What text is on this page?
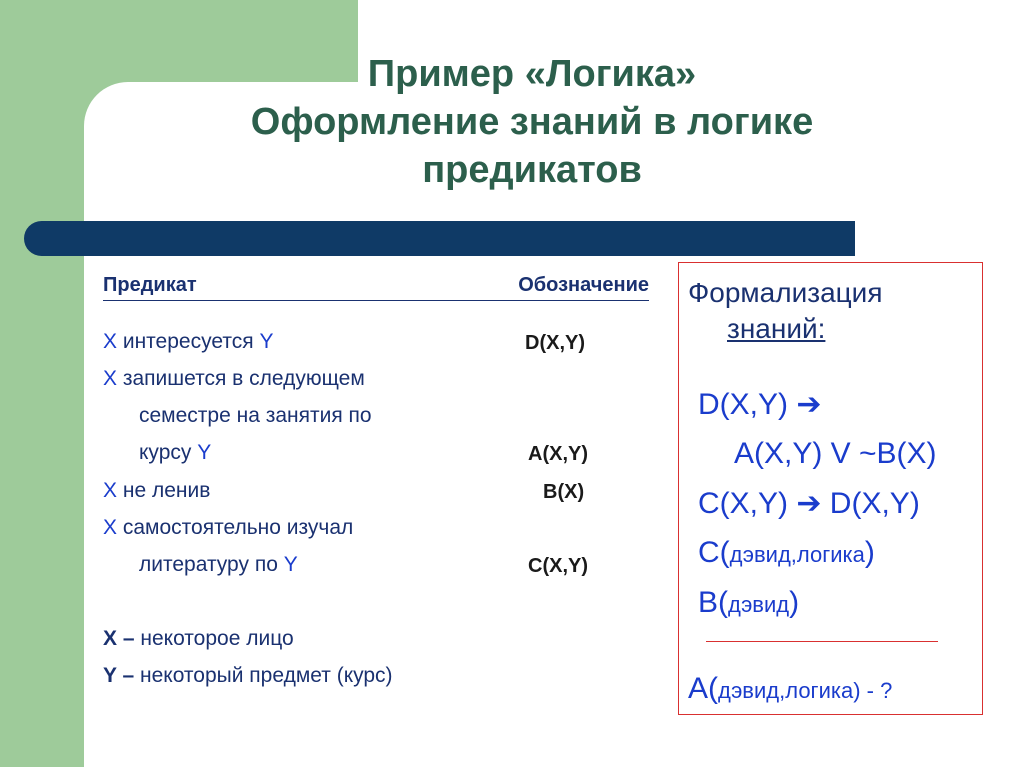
Пример «Логика»
Оформление знаний в логике
предикатов
Предикат	Обозначение
X интересуется Y
X запишется в следующем
семестре на занятия по
курсу Y
X не ленив
X самостоятельно изучал
литературу по Y
D(X,Y)
A(X,Y)
B(X)
C(X,Y)
X – некоторое лицо
Y – некоторый предмет (курс)
Формализация
знаний:
D(X,Y) ➔
A(X,Y) V ~B(X)
C(X,Y) ➔ D(X,Y)
С(дэвид,логика)
B(дэвид)
A(дэвид,логика) - ?
